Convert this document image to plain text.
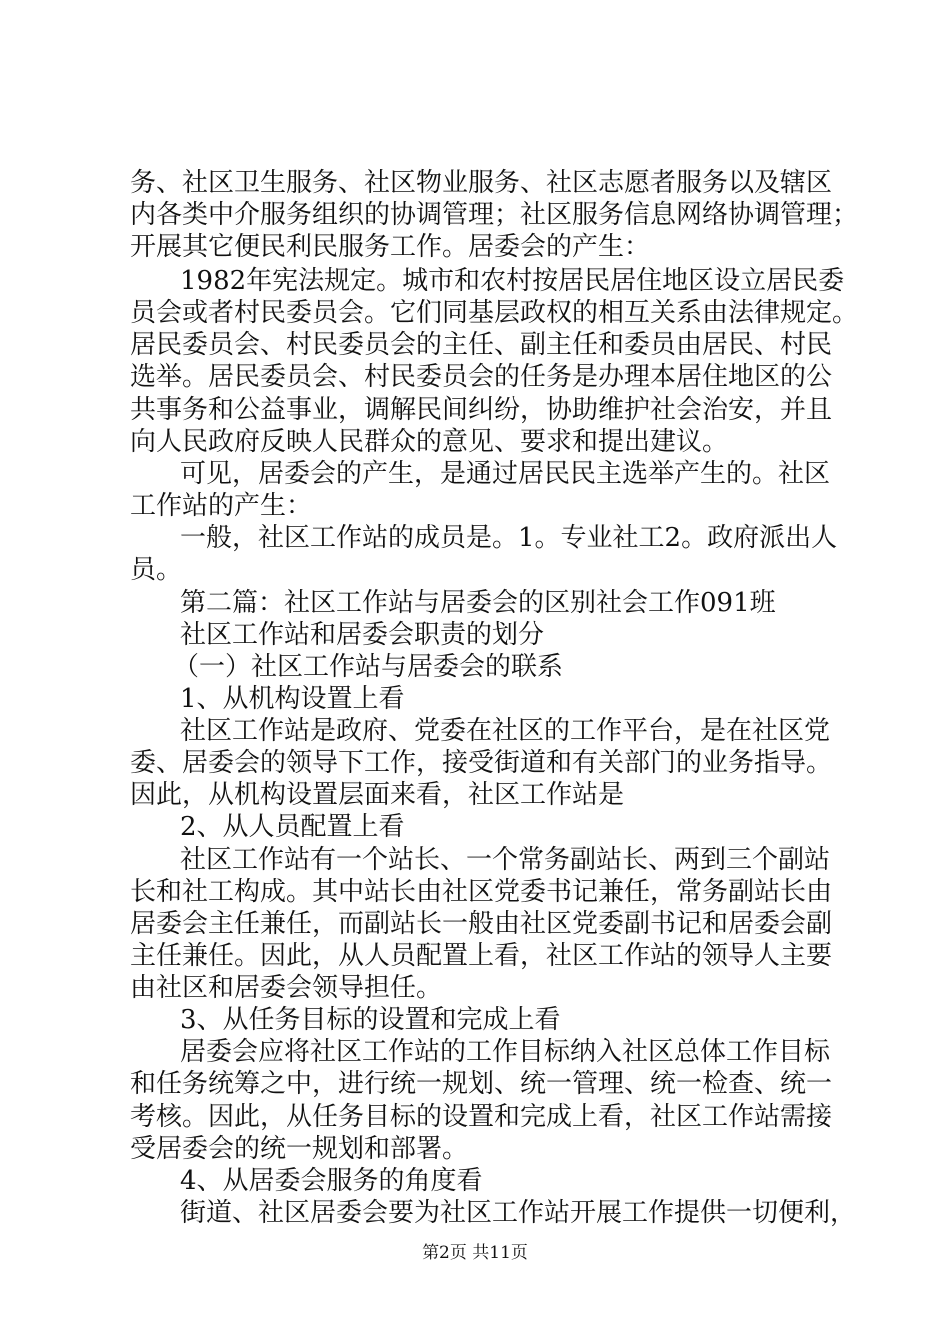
务、社区卫生服务、社区物业服务、社区志愿者服务以及辖区
内各类中介服务组织的协调管理；社区服务信息网络协调管理；
开展其它便民利民服务工作。居委会的产生：
1982年宪法规定。城市和农村按居民居住地区设立居民委
员会或者村民委员会。它们同基层政权的相互关系由法律规定。
居民委员会、村民委员会的主任、副主任和委员由居民、村民
选举。居民委员会、村民委员会的任务是办理本居住地区的公
共事务和公益事业，调解民间纠纷，协助维护社会治安，并且
向人民政府反映人民群众的意见、要求和提出建议。
可见，居委会的产生，是通过居民民主选举产生的。社区
工作站的产生：
一般，社区工作站的成员是。1。专业社工2。政府派出人
员。
第二篇：社区工作站与居委会的区别社会工作091班
社区工作站和居委会职责的划分
（一）社区工作站与居委会的联系
1、从机构设置上看
社区工作站是政府、党委在社区的工作平台，是在社区党
委、居委会的领导下工作，接受街道和有关部门的业务指导。
因此，从机构设置层面来看，社区工作站是
2、从人员配置上看
社区工作站有一个站长、一个常务副站长、两到三个副站
长和社工构成。其中站长由社区党委书记兼任，常务副站长由
居委会主任兼任，而副站长一般由社区党委副书记和居委会副
主任兼任。因此，从人员配置上看，社区工作站的领导人主要
由社区和居委会领导担任。
3、从任务目标的设置和完成上看
居委会应将社区工作站的工作目标纳入社区总体工作目标
和任务统筹之中，进行统一规划、统一管理、统一检查、统一
考核。因此，从任务目标的设置和完成上看，社区工作站需接
受居委会的统一规划和部署。
4、从居委会服务的角度看
街道、社区居委会要为社区工作站开展工作提供一切便利，
第2页 共11页
